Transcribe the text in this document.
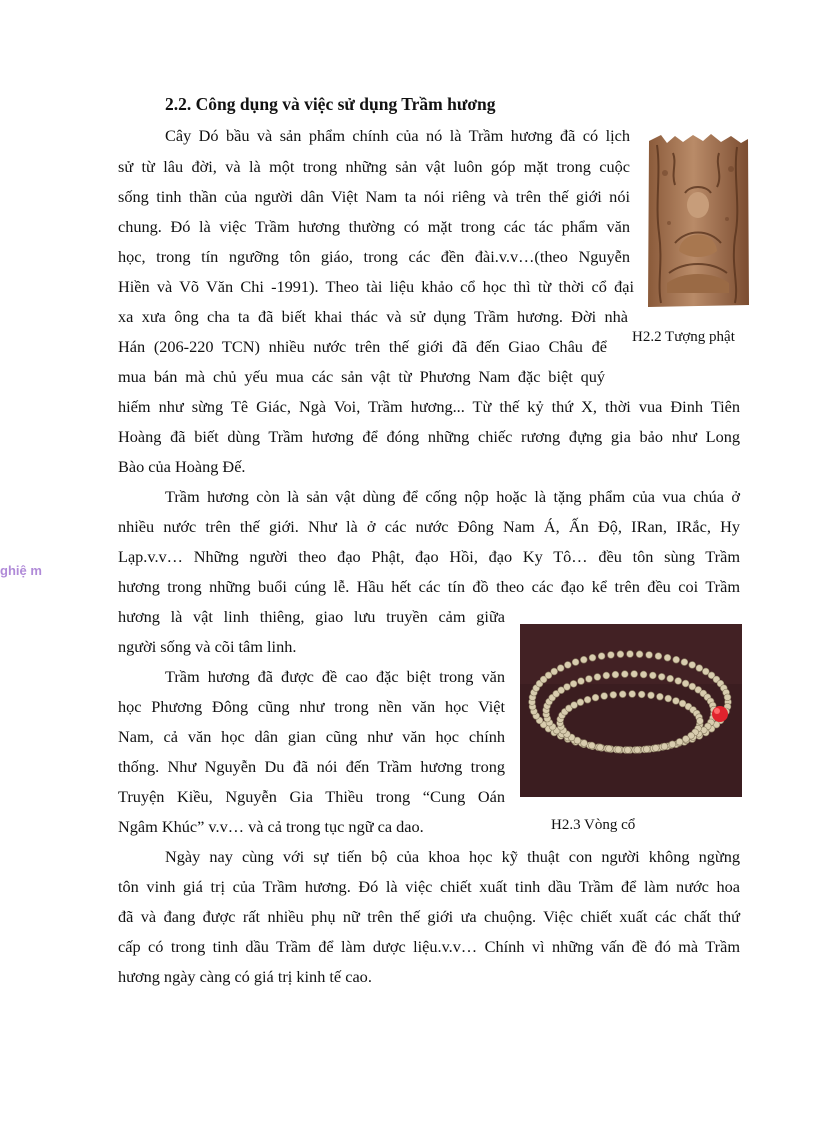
ghiệ m
2.2. Công dụng và việc sử dụng Trầm hương
Cây Dó bầu và sản phẩm chính của nó là Trầm hương đã có lịch
sử từ lâu đời, và là một trong những sản vật luôn góp mặt trong cuộc
sống tinh thần của người dân Việt Nam ta nói riêng và trên thế giới nói
chung. Đó là việc Trầm hương thường có mặt trong các tác phẩm văn
học, trong tín ngưỡng tôn giáo, trong các đền đài.v.v…(theo Nguyễn
Hiền và Võ Văn Chi -1991). Theo tài liệu khảo cổ học thì từ thời cổ đại
xa xưa ông cha ta đã biết khai thác và sử dụng Trầm hương. Đời nhà
Hán (206-220 TCN) nhiều nước trên thế giới đã đến Giao Châu để
mua bán mà chủ yếu mua các sản vật từ Phương Nam đặc biệt quý
hiếm như sừng Tê Giác, Ngà Voi, Trầm hương... Từ thế kỷ thứ X, thời vua Đinh Tiên
Hoàng đã biết dùng Trầm hương để đóng những chiếc rương đựng gia bảo như Long
Bào của Hoàng Đế.
Trầm hương còn là sản vật dùng để cống nộp hoặc là tặng phẩm của vua chúa ở
nhiều nước trên thế giới. Như là ở các nước Đông Nam Á, Ấn Độ, IRan, IRắc, Hy
Lạp.v.v… Những người theo đạo Phật, đạo Hồi, đạo Ky Tô… đều tôn sùng Trầm
hương trong những buổi cúng lễ. Hầu hết các tín đồ theo các đạo kể trên đều coi Trầm
hương là vật linh thiêng, giao lưu truyền cảm giữa
người sống và cõi tâm linh.
Trầm hương đã được đề cao đặc biệt trong văn
học Phương Đông cũng như trong nền văn học Việt
Nam, cả văn học dân gian cũng như văn học chính
thống. Như Nguyễn Du đã nói đến Trầm hương trong
Truyện Kiều, Nguyễn Gia Thiều trong “Cung Oán
Ngâm Khúc” v.v… và cả trong tục ngữ ca dao.
Ngày nay cùng với sự tiến bộ của khoa học kỹ thuật con người không ngừng
tôn vinh giá trị của Trầm hương. Đó là việc chiết xuất tinh dầu Trầm để làm nước hoa
đã và đang được rất nhiều phụ nữ trên thế giới ưa chuộng. Việc chiết xuất các chất thứ
cấp có trong tinh dầu Trầm để làm dược liệu.v.v… Chính vì những vấn đề đó mà Trầm
hương ngày càng có giá trị kinh tế cao.
H2.2 Tượng phật
H2.3 Vòng cổ
